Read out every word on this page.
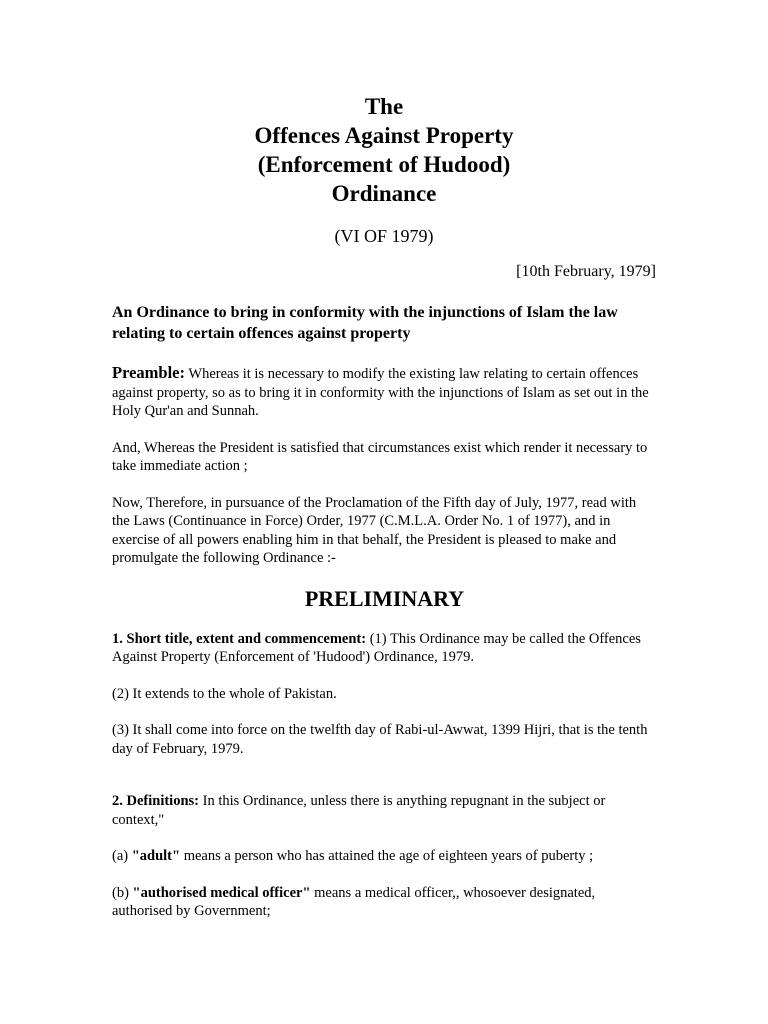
The
Offences Against Property
(Enforcement of Hudood)
Ordinance
(VI OF 1979)
[10th February, 1979]
An Ordinance to bring in conformity with the injunctions of Islam the law relating to certain offences against property

Preamble: Whereas it is necessary to modify the existing law relating to certain offences against property, so as to bring it in conformity with the injunctions of Islam as set out in the Holy Qur'an and Sunnah.

And, Whereas the President is satisfied that circumstances exist which render it necessary to take immediate action ;

Now, Therefore, in pursuance of the Proclamation of the Fifth day of July, 1977, read with the Laws (Continuance in Force) Order, 1977 (C.M.L.A. Order No. 1 of 1977), and in exercise of all powers enabling him in that behalf, the President is pleased to make and promulgate the following Ordinance :-

PRELIMINARY

1. Short title, extent and commencement: (1) This Ordinance may be called the Offences Against Property (Enforcement of 'Hudood') Ordinance, 1979.

(2) It extends to the whole of Pakistan.

(3) It shall come into force on the twelfth day of Rabi-ul-Awwat, 1399 Hijri, that is the tenth day of February, 1979.

2. Definitions: In this Ordinance, unless there is anything repugnant in the subject or context,"

(a) "adult" means a person who has attained the age of eighteen years of puberty ;

(b) "authorised medical officer" means a medical officer,, whosoever designated, authorised by Government;
